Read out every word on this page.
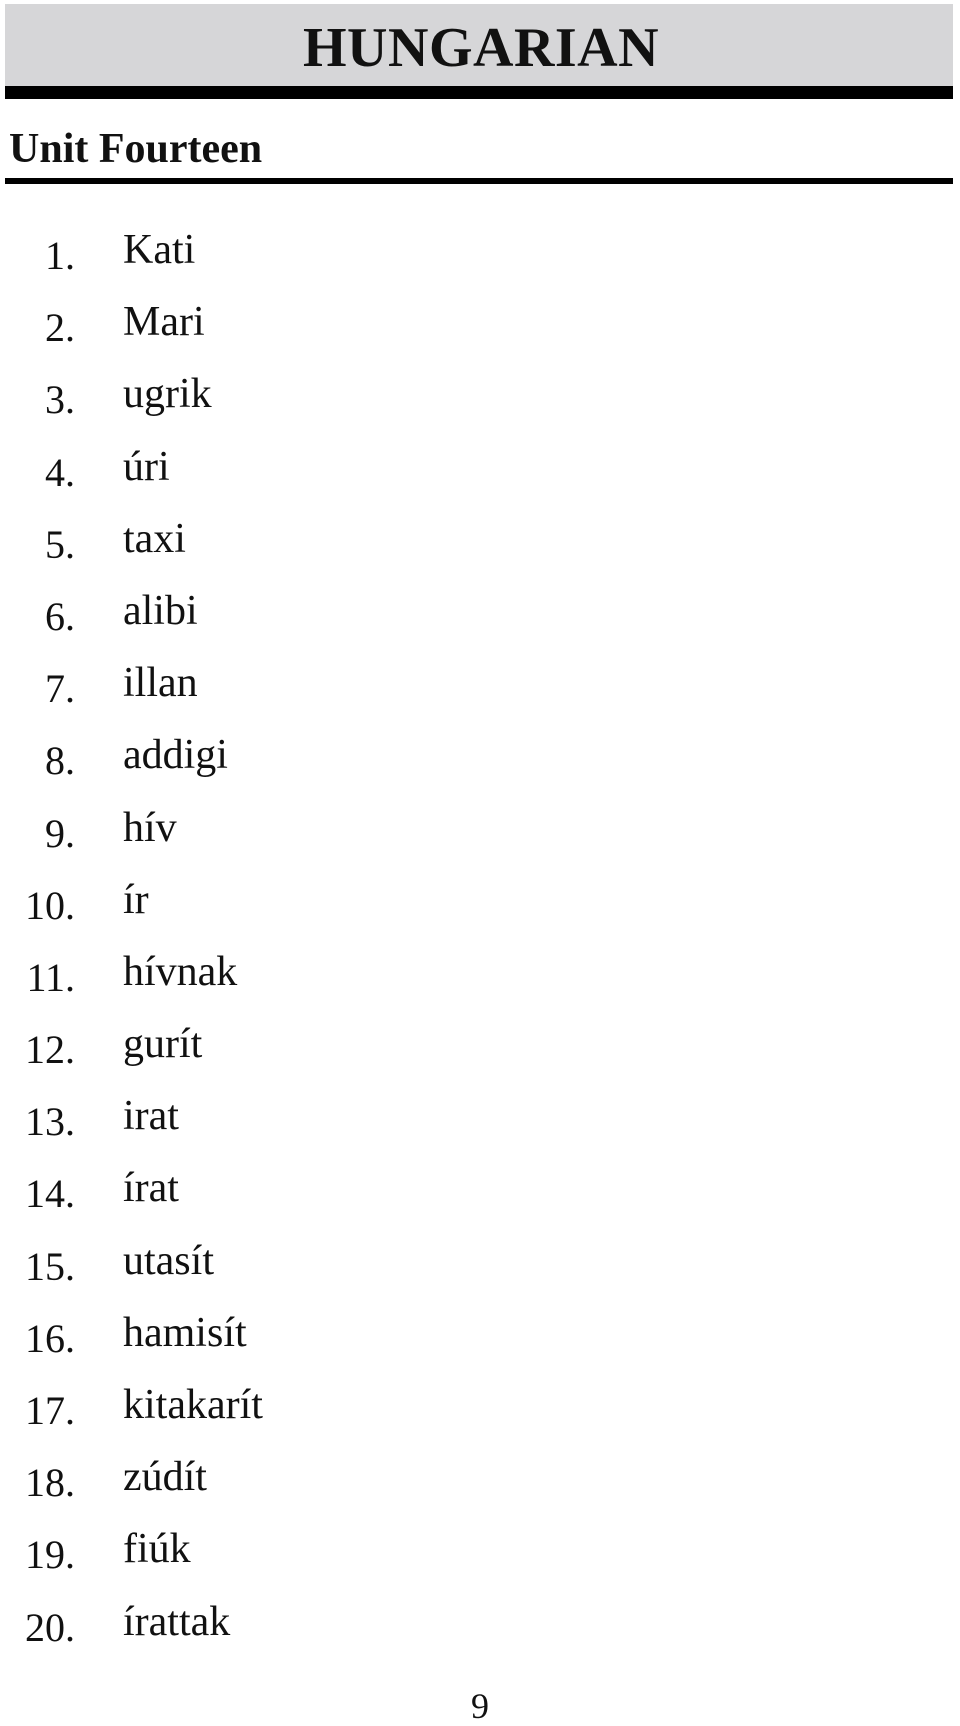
HUNGARIAN
Unit Fourteen
1. Kati
2. Mari
3. ugrik
4. úri
5. taxi
6. alibi
7. illan
8. addigi
9. hív
10. ír
11. hívnak
12. gurít
13. irat
14. írat
15. utasít
16. hamisít
17. kitakarít
18. zúdít
19. fiúk
20. írattak
9
